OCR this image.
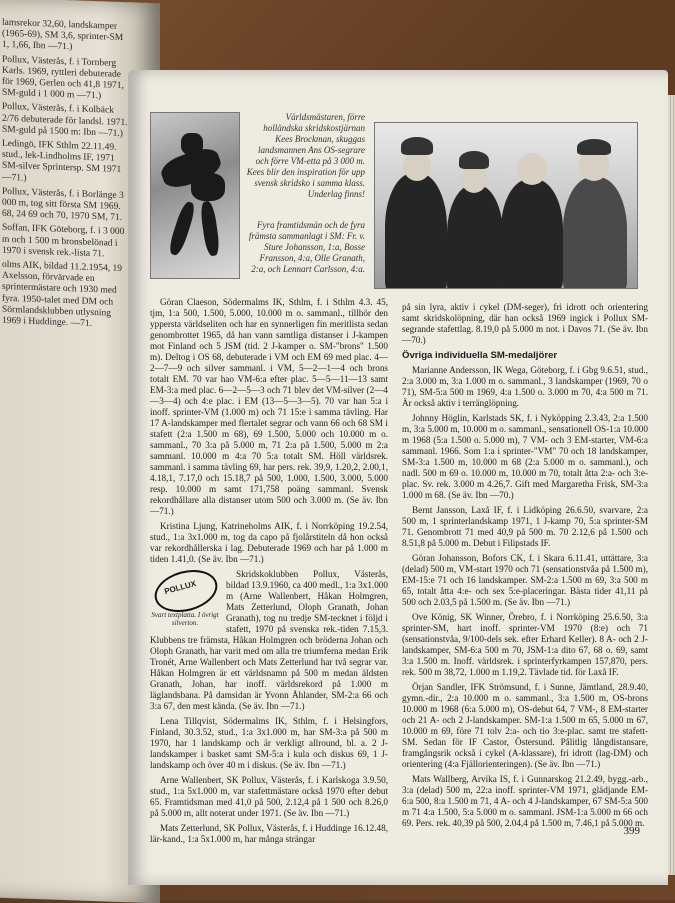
lamsrekor 32,60, landskamper (1965-69), SM 3,6, sprinter-SM 1, 1,66, Ibn —71.)

Pollux, Västerås, f. i Tornberg Karls. 1969, ryttleri debuterade för 1969, Gerlen och 41,8 1971, SM-guld i 1 000 m —71.)

Pollux, Västerås, f. i Kolbäck 2/76 debuterade för landsl. 1971. SM-guld på 1500 m: Ibn —71.)

Ledingö, IFK Sthlm 22.11.49. stud., lek-Lindholms IF, 1971 SM-silver Sprintersp. SM 1971 —71.)

Pollux, Västerås, f. i Borlänge 3 000 m, tog sitt första SM 1969. 68, 24 69 och 70, 1970 SM, 71.

Soffan, IFK Göteborg, f. i 3 000 m och 1 500 m bronsbelönad i 1970 i svensk rek.-lista 71.

olms AIK, bildad 11.2.1954, 19 Axelsson, förvärvade en sprintermästare och 1930 med fyra. 1950-talet med DM och Sörmlandsklubben utlysning 1969 i Huddinge. —71.

Världsmästaren, förre holländska skridskostjärnan Kees Brockman, skuggas landsmannen Ans OS-segrare och förre VM-etta på 3 000 m. Kees blir den inspiration för upp svensk skridsko i samma klass. Underlag finns!
Fyra framtidsmän och de fyra främsta sammanlagt i SM: Fr. v. Sture Johansson, 1:a, Bosse Fransson, 4:a, Olle Granath, 2:a, och Lennart Carlsson, 4:a.

Göran Claeson, Södermalms IK, Sthlm, f. i Sthlm 4.3. 45, tjm, 1:a 500, 1.500, 5.000, 10.000 m o. sammanl., tillhör den yppersta världseliten och har en synnerligen fin meritlista sedan genombrottet 1965, då han vann samtliga distanser i J-kampen mot Finland och 5 JSM (tid. 2 J-kamper o. SM-"brons" 1.500 m). Deltog i OS 68, debuterade i VM och EM 69 med plac. 4—2—7—9 och silver sammanl. i VM, 5—2—1—4 och brons totalt EM. 70 var hao VM-6:a efter plac. 5—5—11—13 samt EM-3:a med plac. 6—2—5—3 och 71 blev det VM-silver (2—4—3—4) och 4:e plac. i EM (13—5—3—5). 70 var han 5:a i inoff. sprinter-VM (1.000 m) och 71 15:e i samma tävling. Har 17 A-landskamper med flertalet segrar och vann 66 och 68 SM i stafett (2:a 1.500 m 68), 69 1.500, 5.000 och 10.000 m o. sammanl., 70 3:a på 5.000 m, 71 2:a på 1.500, 5.000 m 2:a sammanl. 10.000 m 4:a 70 5:a totalt SM. Höll världsrek. sammanl. i samma tävling 69, har pers. rek. 39,9, 1.20,2, 2.00,1, 4.18,1, 7.17,0 och 15.18,7 på 500, 1.000, 1.500, 3.000, 5.000 resp. 10.000 m samt 171,758 poäng sammanl. Svensk rekordhållare alla distanser utom 500 och 3.000 m. (Se äv. Ibn —71.)

Kristina Ljung, Katrineholms AIK, f. i Norrköping 19.2.54, stud., 1:a 3x1.000 m, tog da capo på fjolårstiteln då hon också var rekordhållerska i lag. Debuterade 1969 och har på 1.000 m tiden 1.41,0. (Se äv. Ibn —71.)

POLLUX
Svart textplatta. I övrigt silverton.

Skridskoklubben Pollux, Västerås, bildad 13.9.1960, ca 400 medl., 1:a 3x1.000 m (Arne Wallenbert, Håkan Holmgren, Mats Zetterlund, Oloph Granath, Johan Granath), tog nu tredje SM-tecknet i följd i stafett, 1970 på svenska rek.-tiden 7.15,3. Klubbens tre främsta, Håkan Holmgren och bröderna Johan och Oloph Granath, har varit med om alla tre triumferna medan Erik Tronét, Arne Wallenbert och Mats Zetterlund har två segrar var. Håkan Holmgren är ett världsnamn på 500 m medan äldsten Granath, Johan, har inoff. världsrekord på 1.000 m läglandsbana. På damsidan är Yvonn Åhlander, SM-2:a 66 och 3:a 67, den mest kända. (Se äv. Ibn —71.)

Lena Tillqvist, Södermalms IK, Sthlm, f. i Helsingfors, Finland, 30.3.52, stud., 1:a 3x1.000 m, har SM-3:a på 500 m 1970, har 1 landskamp och är verkligt allround, bl. a. 2 J-landskamper i basket samt SM-5:a i kula och diskus 69, 1 J-landskamp och över 40 m i diskus. (Se äv. Ibn —71.)

Arne Wallenbert, SK Pollux, Västerås, f. i Karlskoga 3.9.50, stud., 1:a 5x1.000 m, var stafettmästare också 1970 efter debut 65. Framtidsman med 41,0 på 500, 2.12,4 på 1 500 och 8.26,0 på 5.000 m, allt noterat under 1971. (Se äv. Ibn —71.)

Mats Zetterlund, SK Pollux, Västerås, f. i Huddinge 16.12.48, lär-kand., 1:a 5x1.000 m, har många strängar

på sin lyra, aktiv i cykel (DM-seger), fri idrott och orientering samt skridskolöpning, där han också 1969 ingick i Pollux SM-segrande stafettlag. 8.19,0 på 5.000 m not. i Davos 71. (Se äv. Ibn —70.)

Övriga individuella SM-medaljörer

Marianne Andersson, IK Wega, Göteborg, f. i Gbg 9.6.51, stud., 2:a 3.000 m, 3:a 1.000 m o. sammanl., 3 landskamper (1969, 70 o 71), SM-5:a 500 m 1969, 4:a 1.500 o. 3.000 m 70, 4:a 500 m 71. Är också aktiv i terränglöpning.

Johnny Höglin, Karlstads SK, f. i Nyköpping 2.3.43, 2:a 1.500 m, 3:a 5.000 m, 10.000 m o. sammanl., sensationell OS-1:a 10.000 m 1968 (5:a 1.500 o. 5.000 m), 7 VM- och 3 EM-starter, VM-6:a sammanl. 1966. Som 1:a i sprinter-"VM" 70 och 18 landskamper, SM-3:a 1.500 m, 10.000 m 68 (2:a 5.000 m o. sammanl.), och nadl. 500 m 69 o. 10.000 m, 10.000 m 70, totalt åtta 2:a- och 3:e-plac. Sv. rek. 3.000 m 4.26,7. Gift med Margaretha Frisk, SM-3:a 1.000 m 68. (Se äv. Ibn —70.)

Bernt Jansson, Laxå IF, f. i Lidköping 26.6.50, svarvare, 2:a 500 m, 1 sprinterlandskamp 1971, 1 J-kamp 70, 5:a sprinter-SM 71. Genombrott 71 med 40,9 på 500 m. 70 2.12,6 på 1.500 och 8.51,8 på 5.000 m. Debut i Filipstads IF.

Göran Johansson, Bofors CK, f. i Skara 6.11.41, uttättare, 3:a (delad) 500 m, VM-start 1970 och 71 (sensationstvåa på 1.500 m), EM-15:e 71 och 16 landskamper. SM-2:a 1.500 m 69, 3:a 500 m 65, totalt åtta 4:e- och sex 5:e-placeringar. Bästa tider 41,11 på 500 och 2.03,5 på 1.500 m. (Se äv. Ibn —71.)

Ove König, SK Winner, Örebro, f. i Norrköping 25.6.50, 3:a sprinter-SM, hart inoff. sprinter-VM 1970 (8:e) och 71 (sensationstvåa, 9/100-dels sek. efter Erhard Keller). 8 A- och 2 J-landskamper, SM-6:a 500 m 70, JSM-1:a dito 67, 68 o. 69, samt 3:a 1.500 m. Inoff. världsrek. i sprinterfyrkampen 157,870, pers. rek. 500 m 38,72, 1.000 m 1.19,2. Tävlade tid. för Laxå IF.

Örjan Sandler, IFK Strömsund, f. i Sunne, Jämtland, 28.9.40, gymn.-dir., 2:a 10.000 m o. sammanl., 3:a 1.500 m, OS-brons 10.000 m 1968 (6:a 5.000 m), OS-debut 64, 7 VM-, 8 EM-starter och 21 A- och 2 J-landskamper. SM-1:a 1.500 m 65, 5.000 m 67, 10.000 m 69, före 71 tolv 2:a- och tio 3:e-plac. samt tre stafett-SM. Sedan för IF Castor, Östersund. Pålitlig långdistansare, framgångsrik också i cykel (A-klassare), fri idrott (lag-DM) och orientering (4:a Fjällorienteringen). (Se äv. Ibn —71.)

Mats Wallberg, Arvika IS, f. i Gunnarskog 21.2.49, bygg.-arb., 3:a (delad) 500 m, 22:a inoff. sprinter-VM 1971, glädjande EM-6:a 500, 8:a 1.500 m 71, 4 A- och 4 J-landskamper, 67 SM-5:a 500 m 71 4:a 1.500, 5:a 5.000 m o. sammanl. JSM-1:a 5.000 m 66 och 69. Pers. rek. 40,39 på 500, 2.04,4 på 1.500 m, 7.46,1 på 5.000 m.

399
